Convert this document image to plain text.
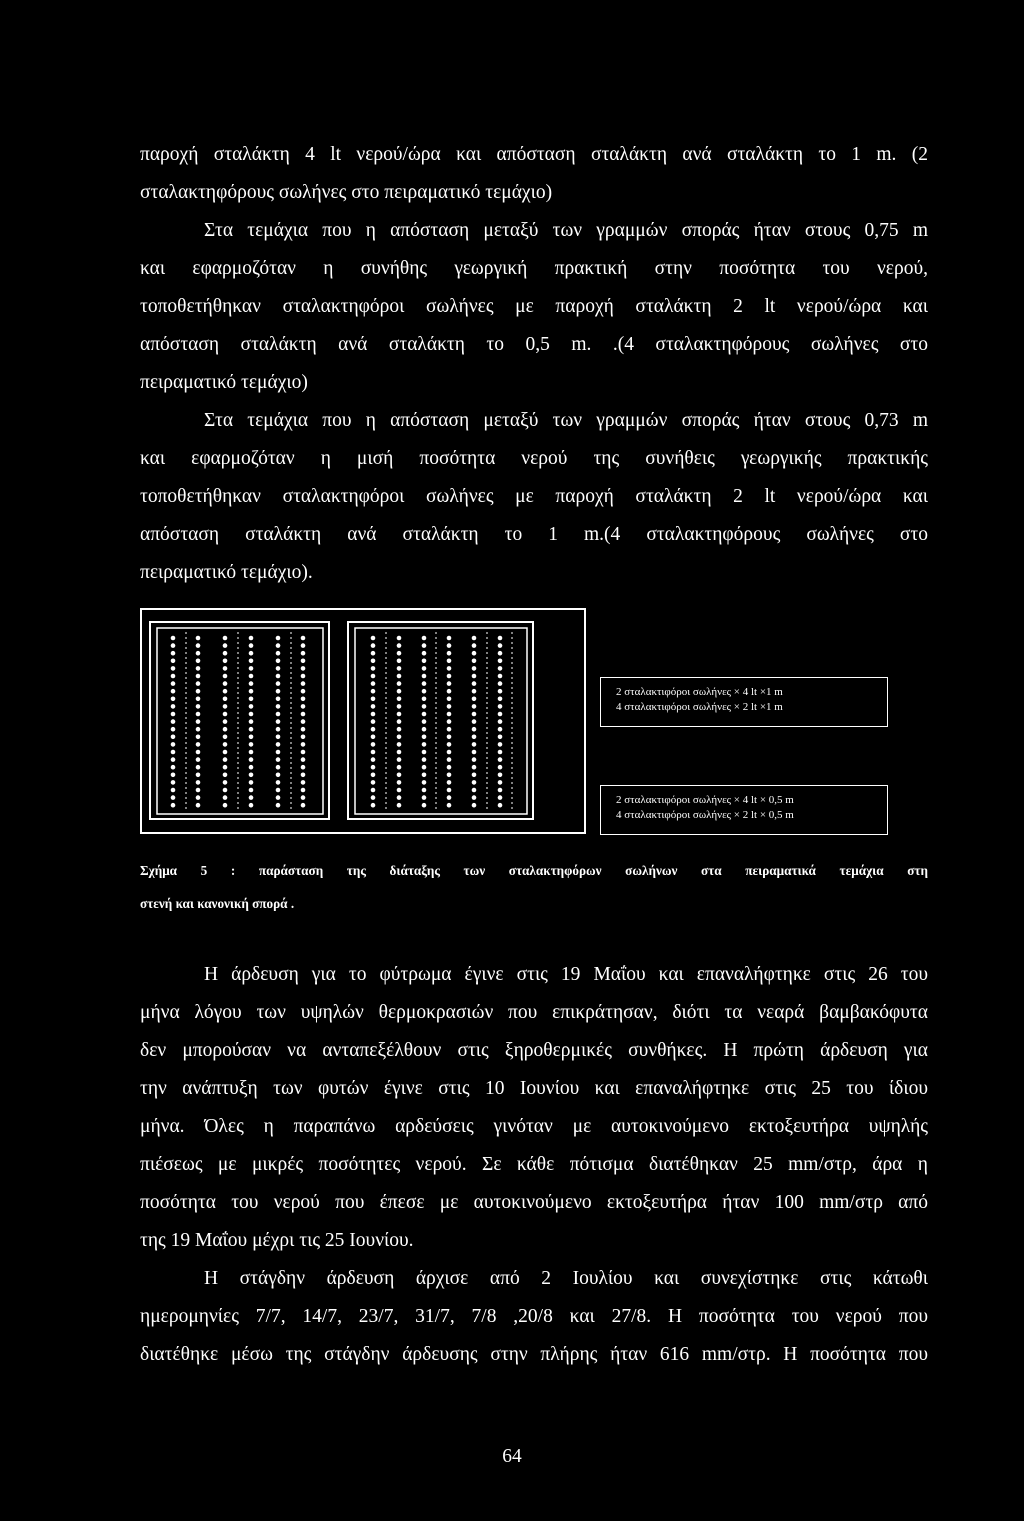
παροχή σταλάκτη 4 lt νερού/ώρα και απόσταση σταλάκτη ανά σταλάκτη το 1 m. (2
σταλακτηφόρους σωλήνες στο πειραματικό τεμάχιο)
Στα τεμάχια που η απόσταση μεταξύ των γραμμών σποράς ήταν στους 0,75 m
και εφαρμοζόταν η συνήθης γεωργική πρακτική στην ποσότητα του νερού,
τοποθετήθηκαν σταλακτηφόροι σωλήνες με παροχή σταλάκτη 2 lt νερού/ώρα και
απόσταση σταλάκτη ανά σταλάκτη το 0,5 m. .(4 σταλακτηφόρους σωλήνες στο
πειραματικό τεμάχιο)
Στα τεμάχια που η απόσταση μεταξύ των γραμμών σποράς ήταν στους 0,73 m
και εφαρμοζόταν η μισή ποσότητα νερού της συνήθεις γεωργικής πρακτικής
τοποθετήθηκαν σταλακτηφόροι σωλήνες με παροχή σταλάκτη 2 lt νερού/ώρα και
απόσταση σταλάκτη ανά σταλάκτη το 1 m.(4 σταλακτηφόρους σωλήνες στο
πειραματικό τεμάχιο).
2 σταλακτιφόροι σωλήνες × 4 lt ×1 m
4 σταλακτιφόροι σωλήνες × 2 lt ×1 m
2 σταλακτιφόροι σωλήνες × 4 lt × 0,5 m
4 σταλακτιφόροι σωλήνες × 2 lt × 0,5 m
Σχήμα 5 : παράσταση της διάταξης των σταλακτηφόρων σωλήνων στα πειραματικά τεμάχια στη
στενή και κανονική σπορά .
Η άρδευση για το φύτρωμα έγινε στις 19 Μαΐου και επαναλήφτηκε στις 26 του
μήνα λόγου των υψηλών θερμοκρασιών που επικράτησαν, διότι τα νεαρά βαμβακόφυτα
δεν μπορούσαν να ανταπεξέλθουν στις ξηροθερμικές συνθήκες. Η πρώτη άρδευση για
την ανάπτυξη των φυτών έγινε στις 10 Ιουνίου και επαναλήφτηκε στις 25 του ίδιου
μήνα. Όλες η παραπάνω αρδεύσεις γινόταν με αυτοκινούμενο εκτοξευτήρα υψηλής
πιέσεως με μικρές ποσότητες νερού. Σε κάθε πότισμα διατέθηκαν 25 mm/στρ, άρα η
ποσότητα του νερού που έπεσε με αυτοκινούμενο εκτοξευτήρα ήταν 100 mm/στρ από
της 19 Μαΐου μέχρι τις 25 Ιουνίου.
Η στάγδην άρδευση άρχισε από 2 Ιουλίου και συνεχίστηκε στις κάτωθι
ημερομηνίες 7/7, 14/7, 23/7, 31/7, 7/8 ,20/8 και 27/8. Η ποσότητα του νερού που
διατέθηκε μέσω της στάγδην άρδευσης στην πλήρης ήταν 616 mm/στρ. Η ποσότητα που
64
